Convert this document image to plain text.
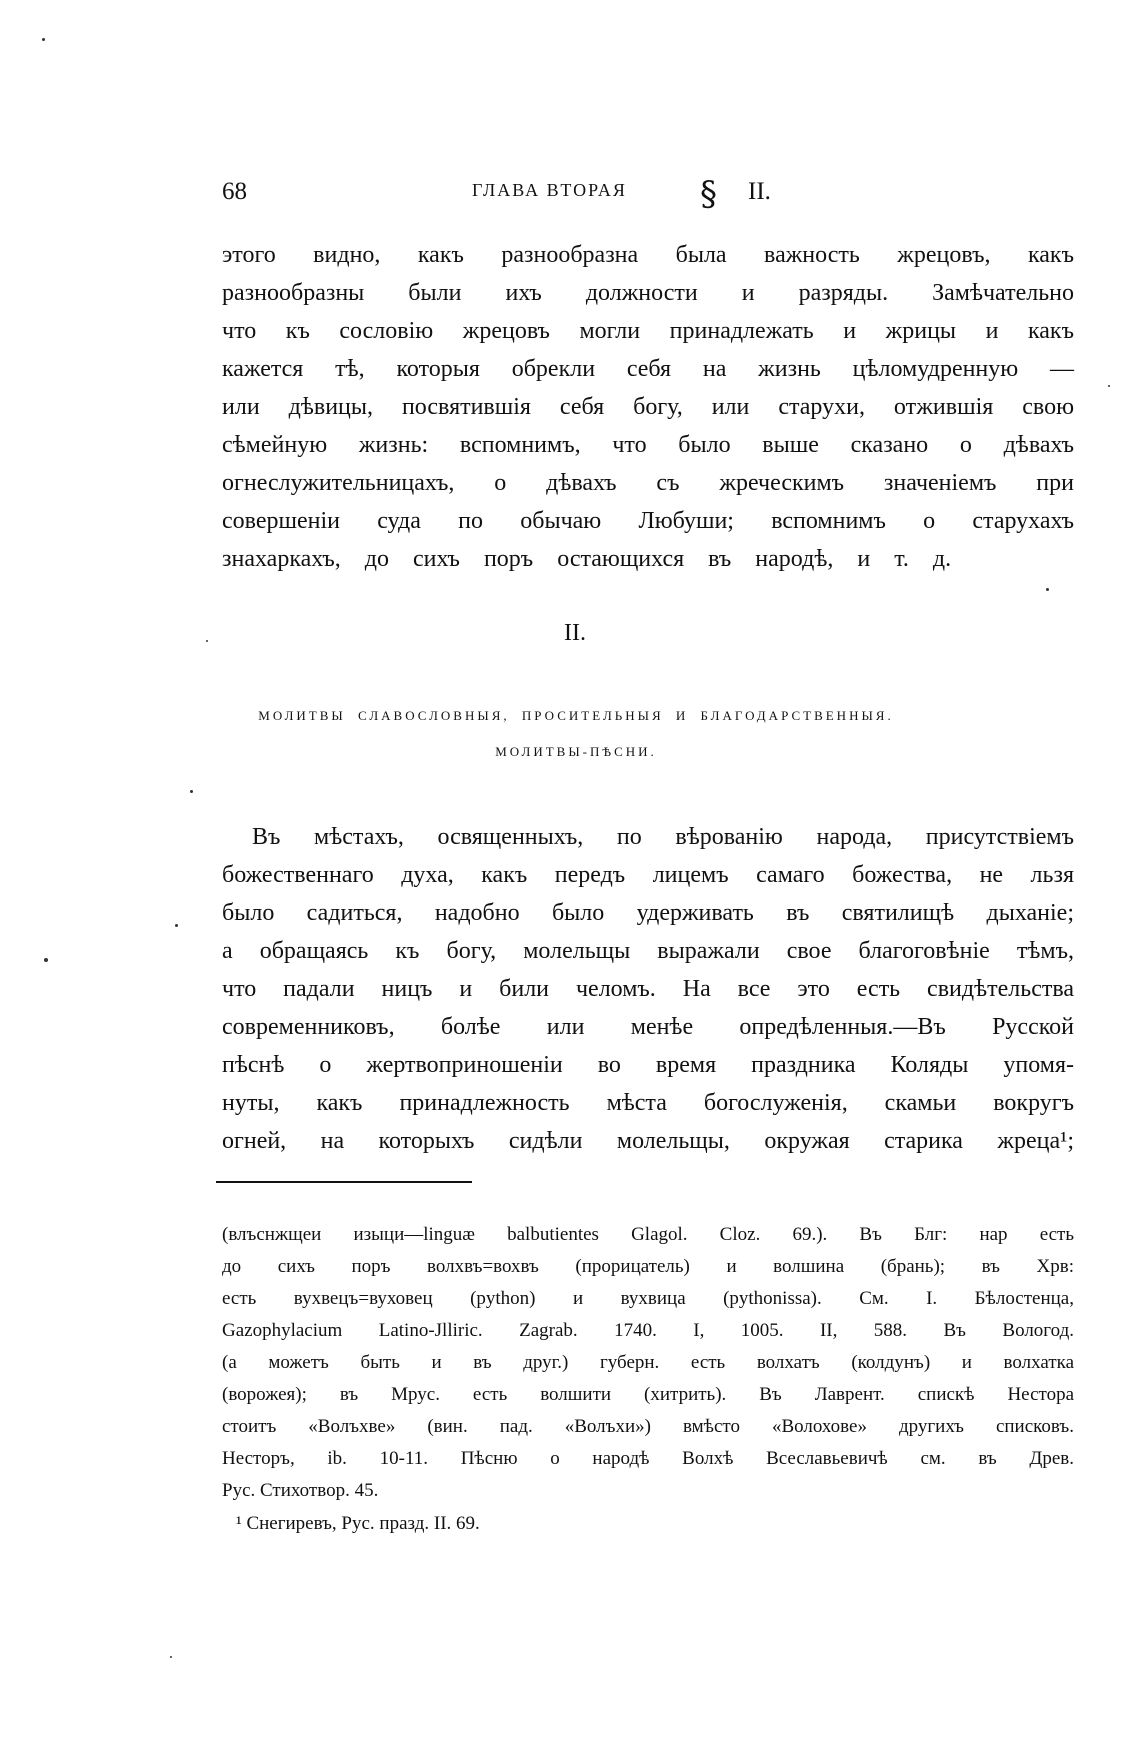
68	ГЛАВА ВТОРАЯ § II.
этого видно, какъ разнообразна была важность жрецовъ, какъ
разнообразны были ихъ должности и разряды. Замѣчательно
что къ сословію жрецовъ могли принадлежать и жрицы и какъ
кажется тѣ, которыя обрекли себя на жизнь цѣломудренную —
или дѣвицы, посвятившія себя богу, или старухи, отжившія свою
сѣмейную жизнь: вспомнимъ, что было выше сказано о дѣвахъ
огнеслужительницахъ, о дѣвахъ съ жреческимъ значеніемъ при
совершеніи суда по обычаю Любуши; вспомнимъ о старухахъ
знахаркахъ, до сихъ поръ остающихся въ народѣ, и т. д.
II.
МОЛИТВЫ СЛАВОСЛОВНЫЯ, ПРОСИТЕЛЬНЫЯ И БЛАГОДАРСТВЕННЫЯ.
МОЛИТВЫ-ПѢСНИ.
Въ мѣстахъ, освященныхъ, по вѣрованію народа, присутствіемъ
божественнаго духа, какъ передъ лицемъ самаго божества, не льзя
было садиться, надобно было удерживать въ святилищѣ дыханіе;
а обращаясь къ богу, молельщы выражали свое благоговѣніе тѣмъ,
что падали ницъ и били челомъ. На все это есть свидѣтельства
современниковъ, болѣе или менѣе опредѣленныя.—Въ Русской
пѣснѣ о жертвоприношеніи во время праздника Коляды упомя-
нуты, какъ принадлежность мѣста богослуженія, скамьи вокругъ
огней, на которыхъ сидѣли молельщы, окружая старика жреца¹;
(влъснжщеи изыци—linguæ balbutientes Glagol. Cloz. 69.). Въ Блг: нар есть
до сихъ поръ волхвъ=вохвъ (прорицатель) и волшина (брань); въ Хрв:
есть вухвецъ=вуховец (python) и вухвица (pythonissa). См. I. Бѣлостенца,
Gazophylacium Latino-Jlliric. Zagrab. 1740. I, 1005. II, 588. Въ Вологод.
(а можетъ быть и въ друг.) губерн. есть волхатъ (колдунъ) и волхатка
(ворожея); въ Мрус. есть волшити (хитрить). Въ Лаврент. спискѣ Нестора
стоитъ «Волъхве» (вин. пад. «Волъхи») вмѣсто «Волохове» другихъ списковъ.
Несторъ, ib. 10-11. Пѣсню о народѣ Волхѣ Всеславьевичѣ см. въ Древ.
Рус. Стихотвор. 45.
¹ Снегиревъ, Рус. празд. II. 69.
